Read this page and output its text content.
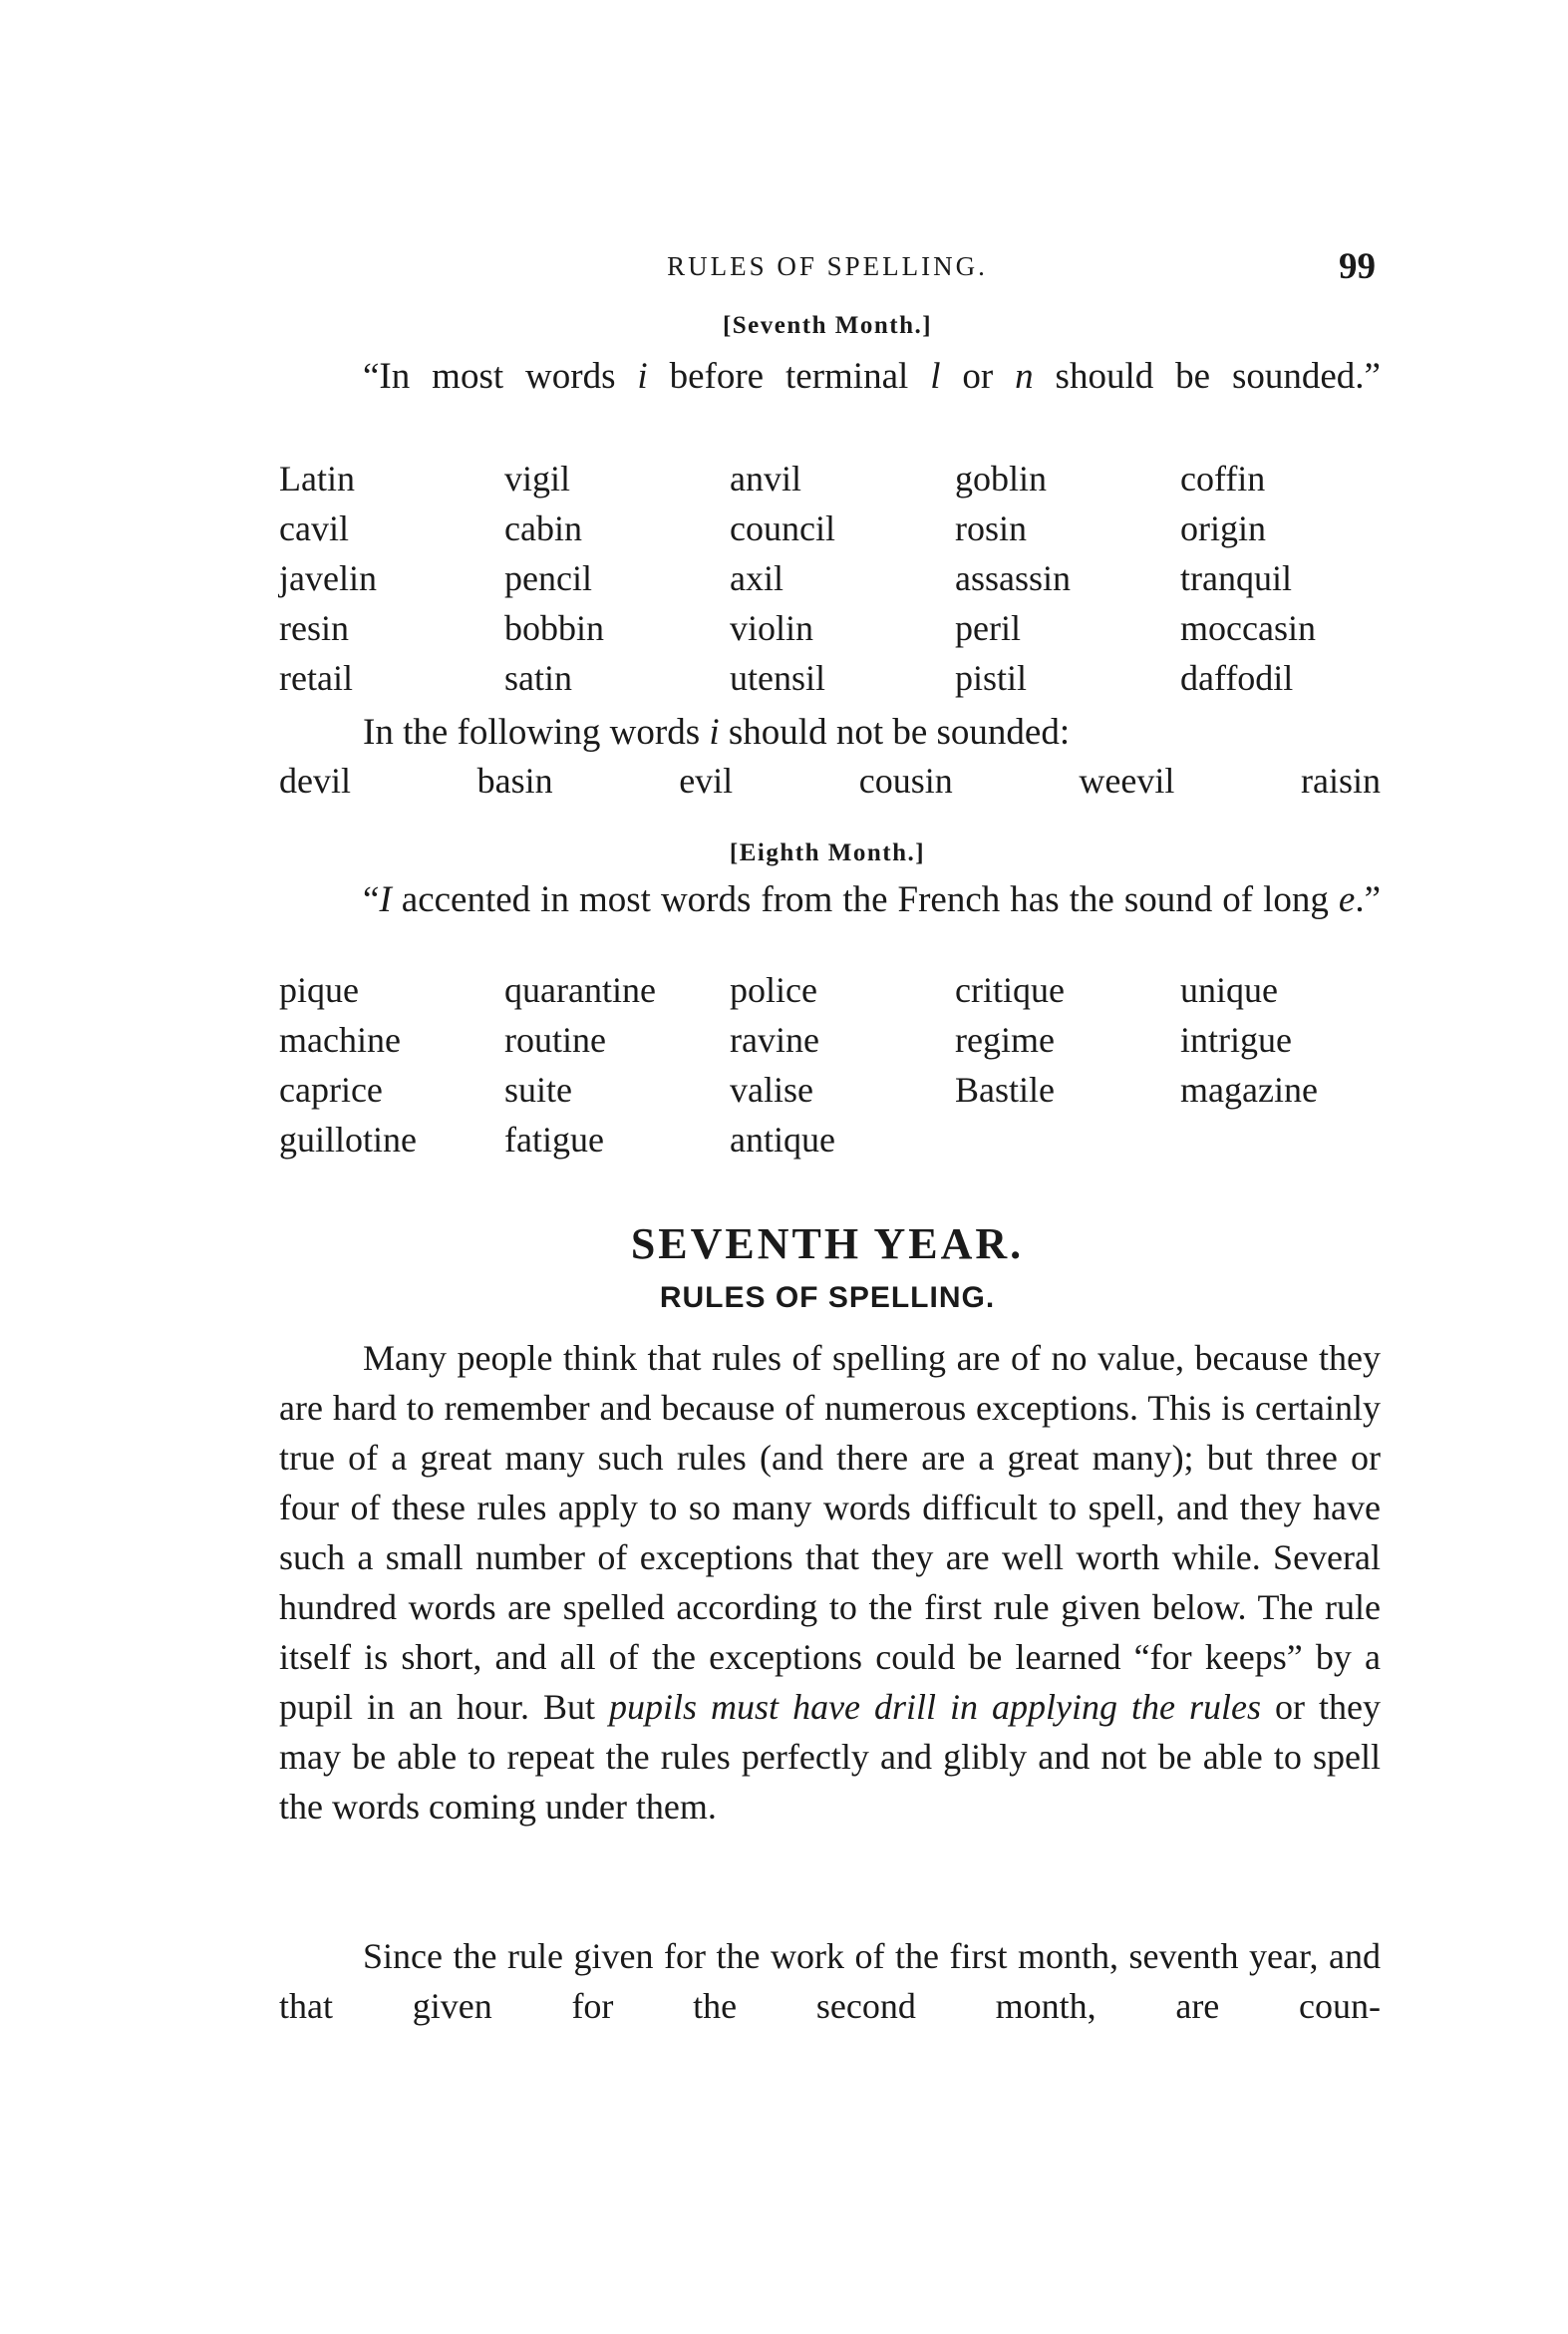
RULES OF SPELLING.	99
[Seventh Month.]
“In most words i before terminal l or n should be sounded.”
Latin	vigil	anvil	goblin	coffin
cavil	cabin	council	rosin	origin
javelin	pencil	axil	assassin	tranquil
resin	bobbin	violin	peril	moccasin
retail	satin	utensil	pistil	daffodil
In the following words i should not be sounded:
devil	basin	evil	cousin	weevil	raisin
[Eighth Month.]
“I accented in most words from the French has the sound of long e.”
pique	quarantine	police	critique	unique
machine	routine	ravine	regime	intrigue
caprice	suite	valise	Bastile	magazine
guillotine	fatigue	antique
SEVENTH YEAR.
RULES OF SPELLING.

Many people think that rules of spelling are of no value, because they are hard to remember and because of numerous exceptions. This is certainly true of a great many such rules (and there are a great many); but three or four of these rules apply to so many words difficult to spell, and they have such a small number of exceptions that they are well worth while. Several hundred words are spelled according to the first rule given below. The rule itself is short, and all of the exceptions could be learned “for keeps” by a pupil in an hour. But pupils must have drill in applying the rules or they may be able to repeat the rules perfectly and glibly and not be able to spell the words coming under them.

Since the rule given for the work of the first month, seventh year, and that given for the second month, are coun-
